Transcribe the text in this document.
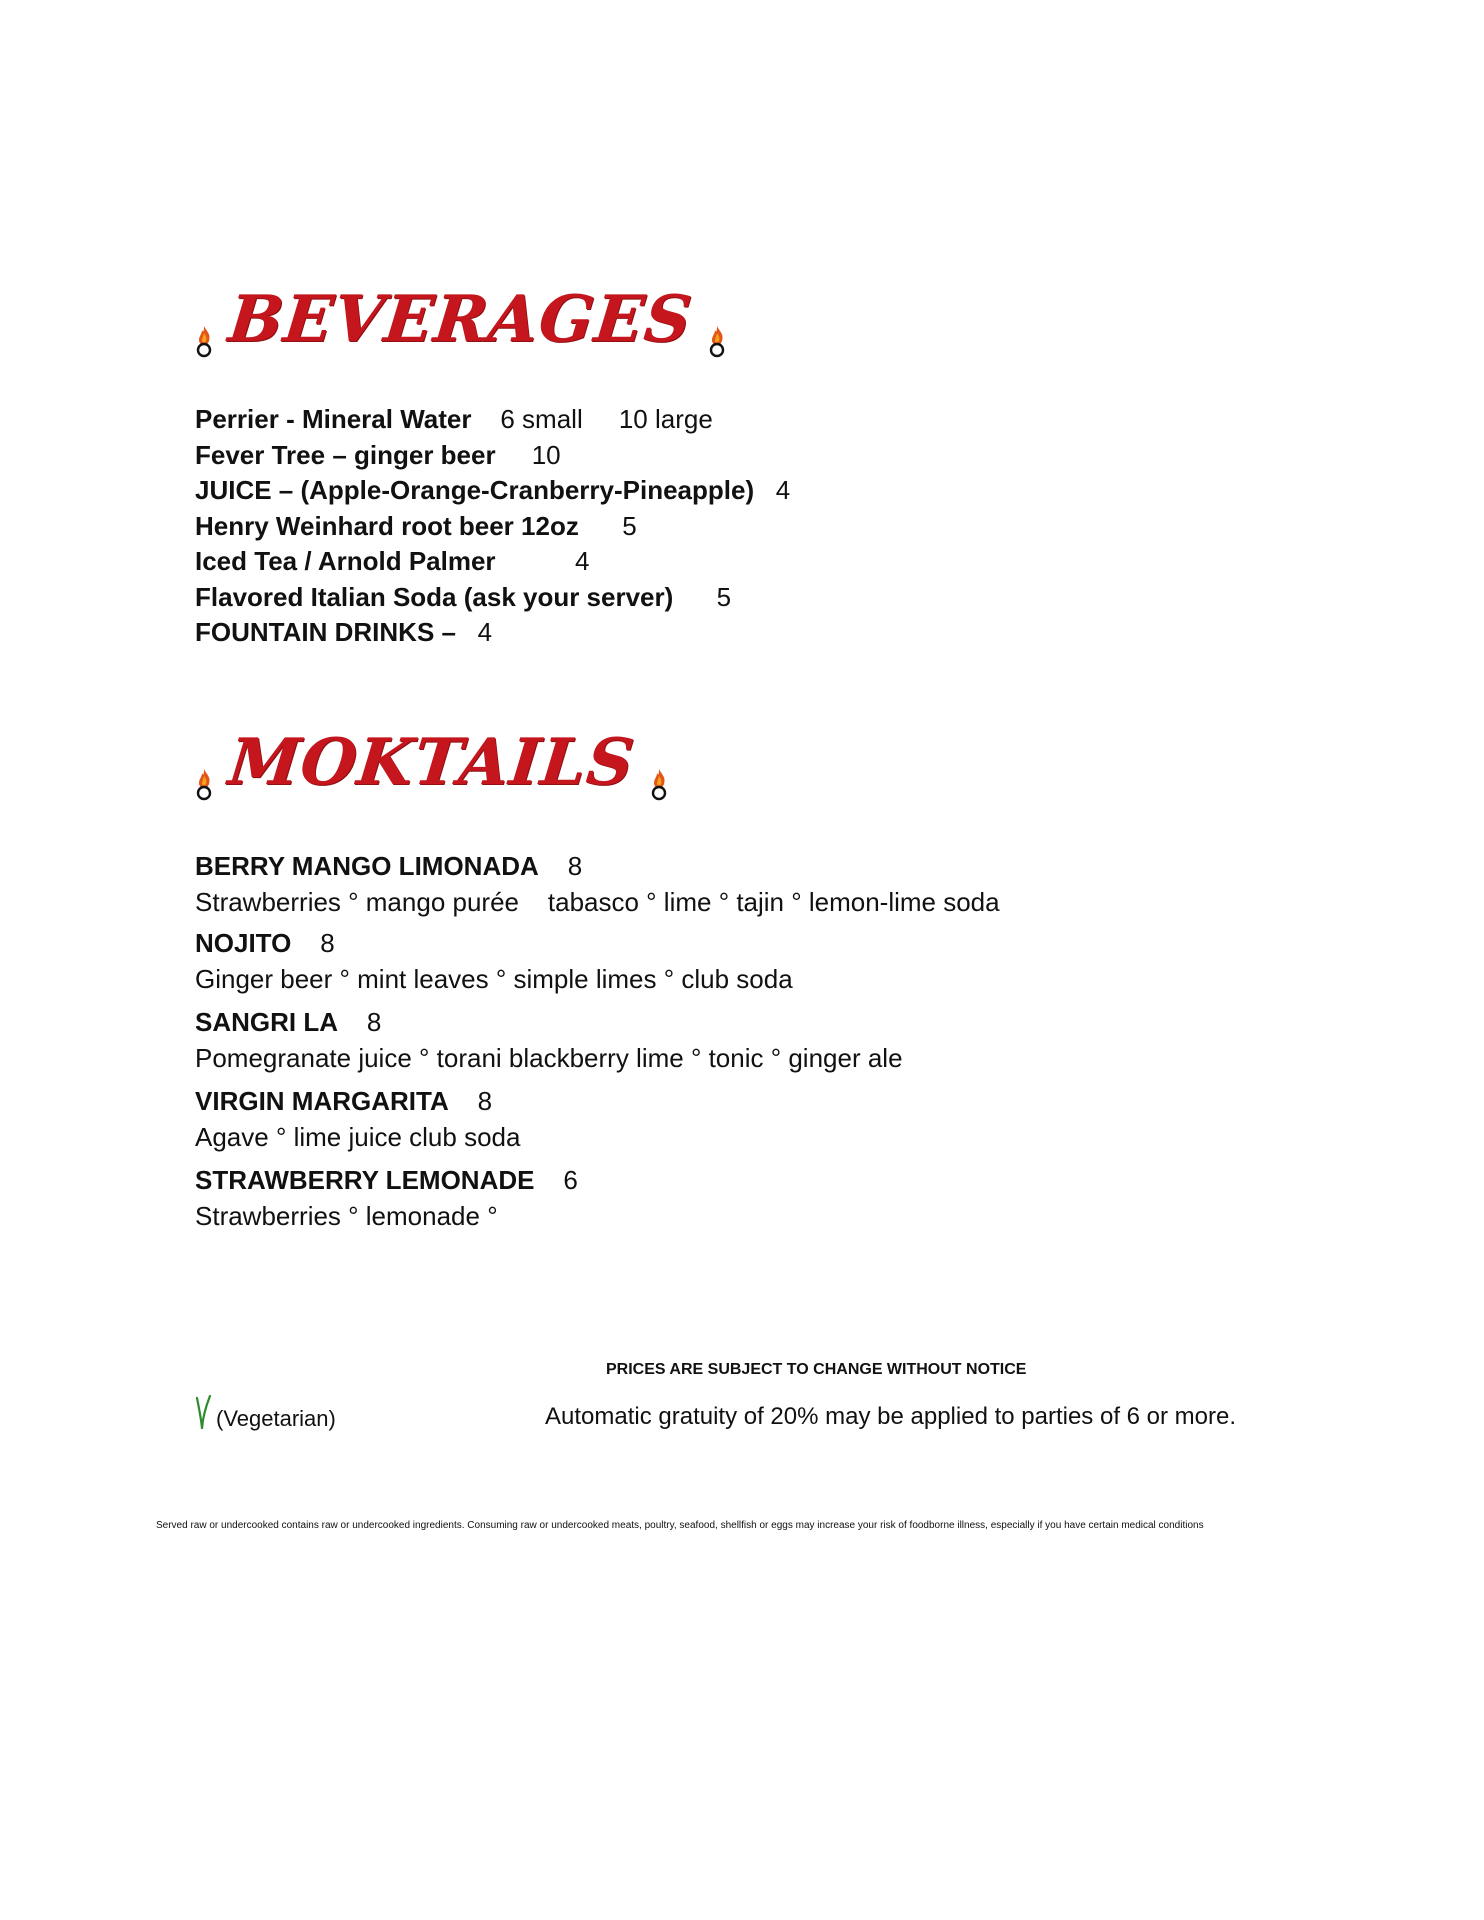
BEVERAGES
Perrier - Mineral Water 6 small     10 large
Fever Tree – ginger beer 10
JUICE – (Apple-Orange-Cranberry-Pineapple) 4
Henry Weinhard root beer 12oz 5
Iced Tea / Arnold Palmer	4
Flavored Italian Soda (ask your server) 5
FOUNTAIN DRINKS – 4
MOKTAILS
BERRY MANGO LIMONADA 8
Strawberries ° mango purée    tabasco ° lime ° tajin ° lemon-lime soda
NOJITO 8
Ginger beer ° mint leaves ° simple limes ° club soda
SANGRI LA 8
Pomegranate juice ° torani blackberry lime ° tonic ° ginger ale
VIRGIN MARGARITA 8
Agave ° lime juice club soda
STRAWBERRY LEMONADE 6
Strawberries ° lemonade °
PRICES ARE SUBJECT TO CHANGE WITHOUT NOTICE
(Vegetarian)	Automatic gratuity of 20% may be applied to parties of 6 or more.
Served raw or undercooked contains raw or undercooked ingredients. Consuming raw or undercooked meats, poultry, seafood, shellfish or eggs may increase your risk of foodborne illness, especially if you have certain medical conditions
